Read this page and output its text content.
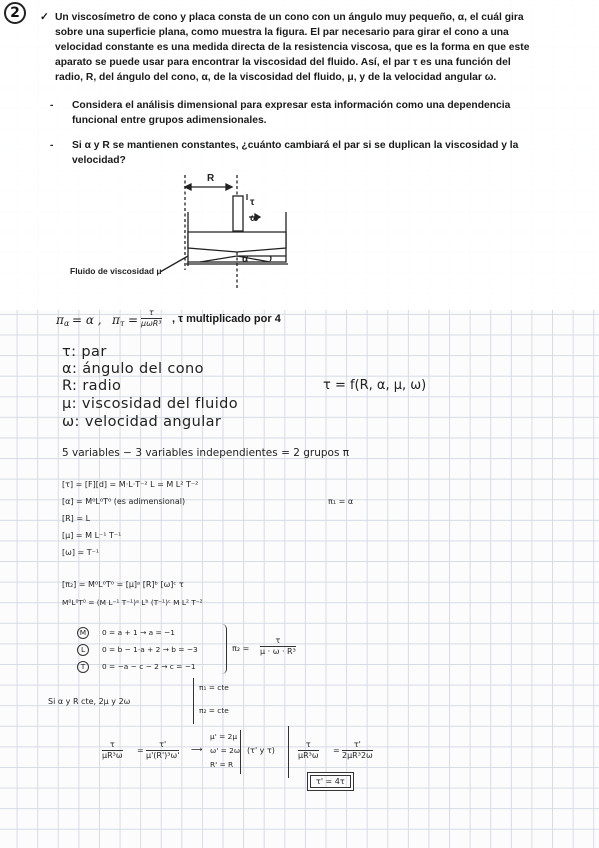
2	✓ Un viscosímetro de cono y placa consta de un cono con un ángulo muy pequeño, α, el cuál gira

sobre una superficie plana, como muestra la figura. El par necesario para girar el cono a una

velocidad constante es una medida directa de la resistencia viscosa, que es la forma en que este

aparato se puede usar para encontrar la viscosidad del fluido. Así, el par τ es una función del

radio, R, del ángulo del cono, α, de la viscosidad del fluido, μ, y de la velocidad angular ω.

- Considera el análisis dimensional para expresar esta información como una dependencia

funcional entre grupos adimensionales.

- Si α y R se mantienen constantes, ¿cuánto cambiará el par si se duplican la viscosidad y la

velocidad?

R
τ
ω
α
Fluido de viscosidad μ
π α = α , π τ =
τ
μωR³ , τ multiplicado por 4

τ: par

α: ángulo del cono

R: radio

μ: viscosidad del fluido

ω: velocidad angular

τ = f(R, α, μ, ω)

5 variables − 3 variables independientes = 2 grupos π

[τ] = [F][d] = M·L·T⁻² L = M L² T⁻²

[α] = M⁰L⁰T⁰ (es adimensional)

[R] = L

[μ] = M L⁻¹ T⁻¹

[ω] = T⁻¹

π₁ = α

[π₂] = M⁰L⁰T⁰ = [μ]ᵃ [R]ᵇ [ω]ᶜ τ

M⁰L⁰T⁰ = (M L⁻¹ T⁻¹)ᵃ Lᵇ (T⁻¹)ᶜ M L² T⁻²

M	0 = a + 1 → a = −1

L	0 = b − 1·a + 2 → b = −3

T	0 = −a − c − 2 → c = −1

$\pi_2 = \frac{\tau}{\text{μ · ω · R³}}$

Si α y R cte, 2μ y 2ω

π₁ = cte

π₂ = cte

$\frac{\tau}{\text{μR³ω}} = \frac{\tau'}{\text{μ'(R')³ω'}}$ ⟶

μ' = 2μ

ω' = 2ω

R' = R

(τ' y τ)	$\frac{\tau}{\text{μR³ω}} = \frac{\tau'}{\text{2μR³2ω}}$
τ' = 4τ
